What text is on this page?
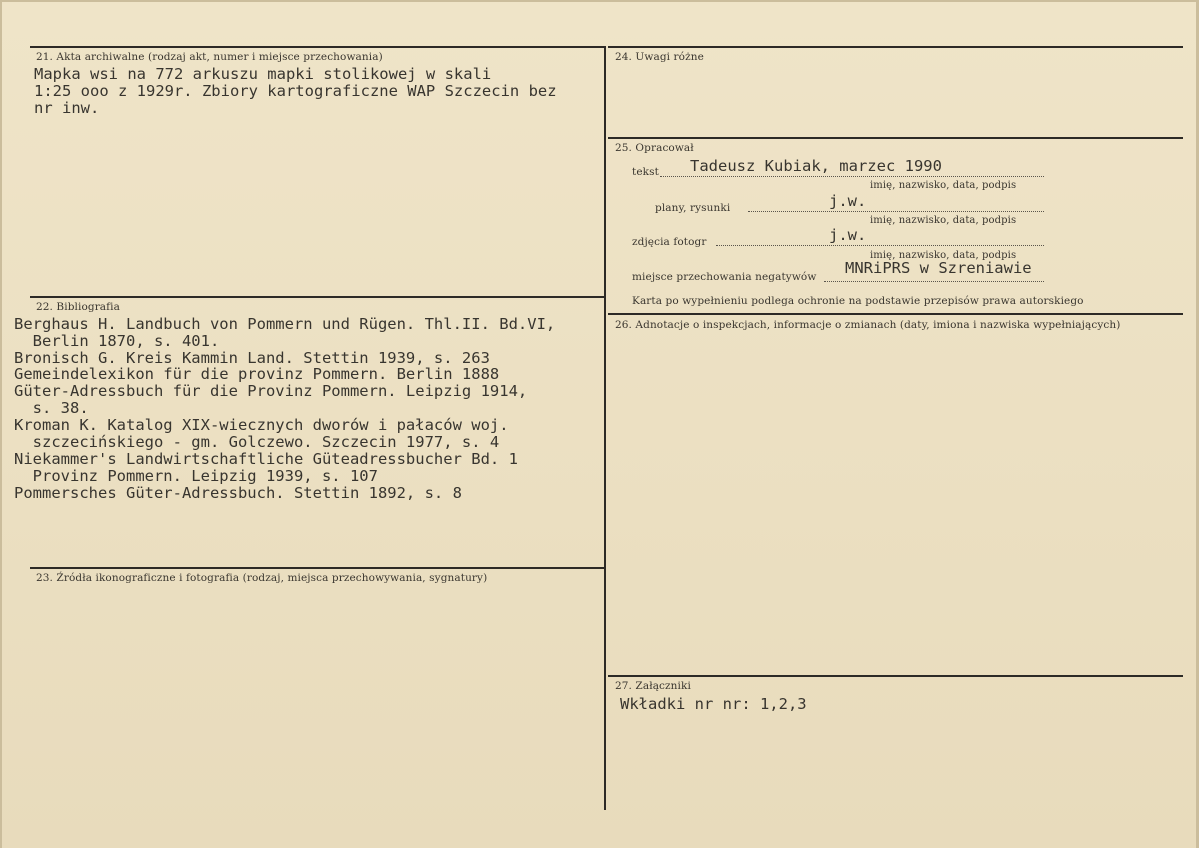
21. Akta archiwalne (rodzaj akt, numer i miejsce przechowania)
Mapka wsi na 772 arkuszu mapki stolikowej w skali
1:25 ooo z 1929r. Zbiory kartograficzne WAP Szczecin bez
nr inw.
22. Bibliografia
Berghaus H. Landbuch von Pommern und Rügen. Thl.II. Bd.VI,
Berlin 1870, s. 401.
Bronisch G. Kreis Kammin Land. Stettin 1939, s. 263
Gemeindelexikon für die provinz Pommern. Berlin 1888
Güter-Adressbuch für die Provinz Pommern. Leipzig 1914,
s. 38.
Kroman K. Katalog XIX-wiecznych dworów i pałaców woj.
szczecińskiego - gm. Golczewo. Szczecin 1977, s. 4
Niekammer's Landwirtschaftliche Güteadressbucher Bd. 1
Provinz Pommern. Leipzig 1939, s. 107
Pommersches Güter-Adressbuch. Stettin 1892, s. 8
23. Źródła ikonograficzne i fotografia (rodzaj, miejsca przechowywania, sygnatury)
24. Uwagi różne
25. Opracował
tekst Tadeusz Kubiak, marzec 1990
imię, nazwisko, data, podpis
plany, rysunki	j.w.
imię, nazwisko, data, podpis
zdjęcia fotogr	j.w.
imię, nazwisko, data, podpis
miejsce przechowania negatywów MNRiPRS w Szreniawie
Karta po wypełnieniu podlega ochronie na podstawie przepisów prawa autorskiego
26. Adnotacje o inspekcjach, informacje o zmianach (daty, imiona i nazwiska wypełniających)
27. Załączniki
Wkładki nr nr: 1,2,3
